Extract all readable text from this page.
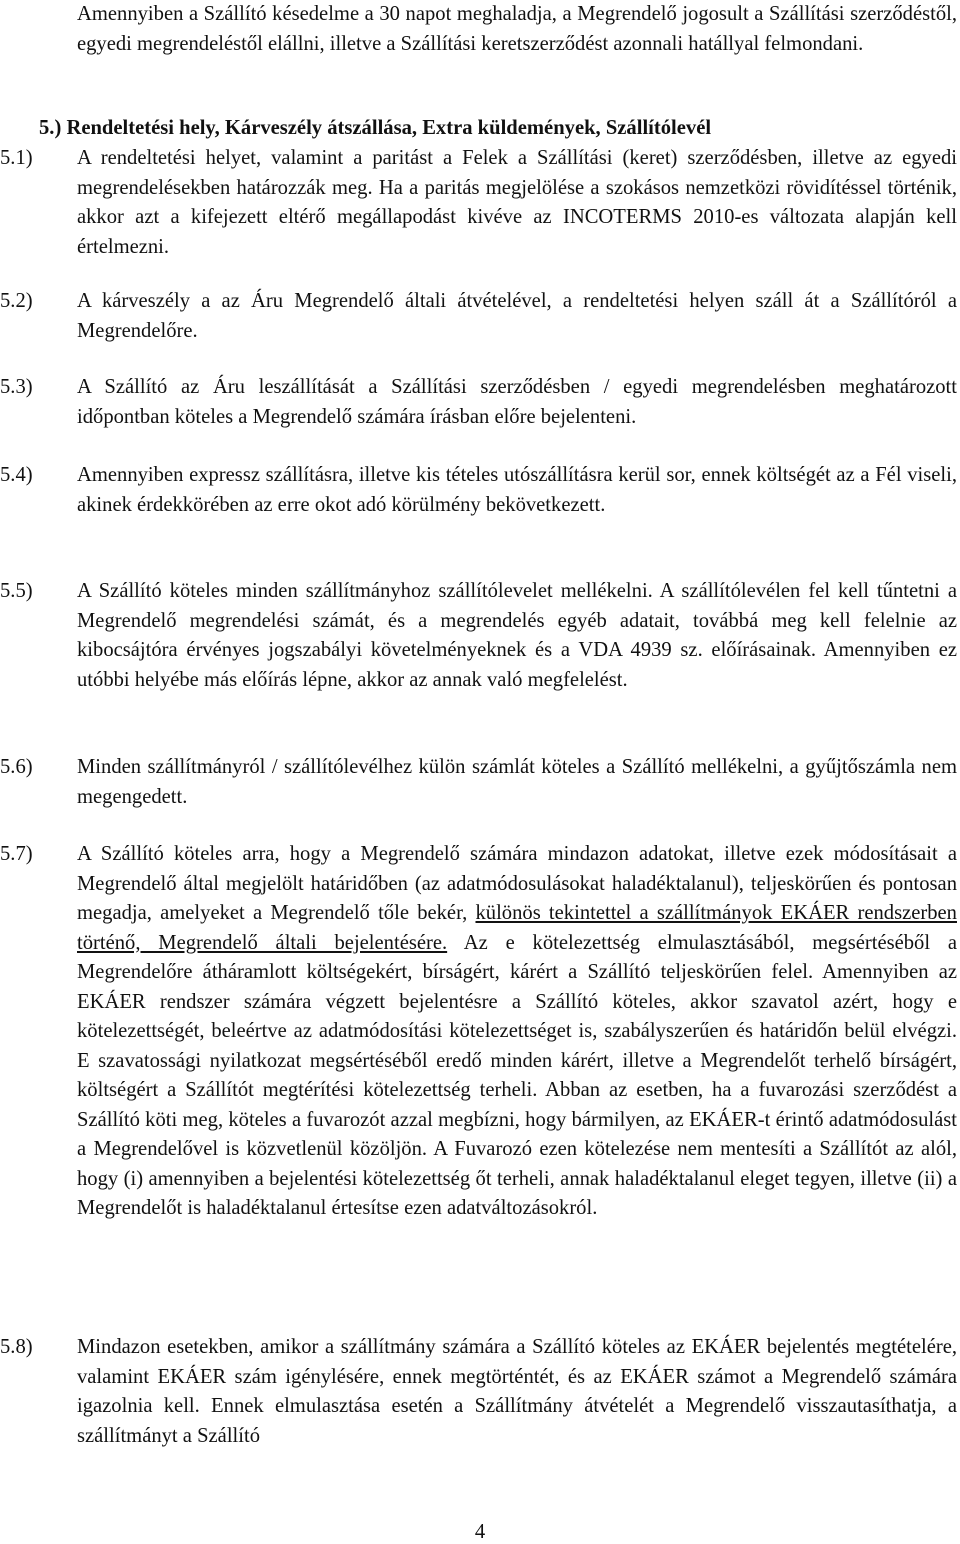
Amennyiben a Szállító késedelme a 30 napot meghaladja, a Megrendelő jogosult a Szállítási szerződéstől, egyedi megrendeléstől elállni, illetve a Szállítási keretszerződést azonnali hatállyal felmondani.

5.) Rendeltetési hely, Kárveszély átszállása, Extra küldemények, Szállítólevél

5.1)	A rendeltetési helyet, valamint a paritást a Felek a Szállítási (keret) szerződésben, illetve az egyedi megrendelésekben határozzák meg. Ha a paritás megjelölése a szokásos nemzetközi rövidítéssel történik, akkor azt a kifejezett eltérő megállapodást kivéve az INCOTERMS 2010-es változata alapján kell értelmezni.

5.2)	A kárveszély a az Áru Megrendelő általi átvételével, a rendeltetési helyen száll át a Szállítóról a Megrendelőre.

5.3)	A Szállító az Áru leszállítását a Szállítási szerződésben / egyedi megrendelésben meghatározott időpontban köteles a Megrendelő számára írásban előre bejelenteni.

5.4)	Amennyiben expressz szállításra, illetve kis tételes utószállításra kerül sor, ennek költségét az a Fél viseli, akinek érdekkörében az erre okot adó körülmény bekövetkezett.

5.5)	A Szállító köteles minden szállítmányhoz szállítólevelet mellékelni. A szállítólevélen fel kell tűntetni a Megrendelő megrendelési számát, és a megrendelés egyéb adatait, továbbá meg kell felelnie az kibocsájtóra érvényes jogszabályi követelményeknek és a VDA 4939 sz. előírásainak. Amennyiben ez utóbbi helyébe más előírás lépne, akkor az annak való megfelelést.

5.6)	Minden szállítmányról / szállítólevélhez külön számlát köteles a Szállító mellékelni, a gyűjtőszámla nem megengedett.

5.7)	A Szállító köteles arra, hogy a Megrendelő számára mindazon adatokat, illetve ezek módosításait a Megrendelő által megjelölt határidőben (az adatmódosulásokat haladéktalanul), teljeskörűen és pontosan megadja, amelyeket a Megrendelő tőle bekér, különös tekintettel a szállítmányok EKÁER rendszerben történő, Megrendelő általi bejelentésére. Az e kötelezettség elmulasztásából, megsértéséből a Megrendelőre átháramlott költségekért, bírságért, kárért a Szállító teljeskörűen felel. Amennyiben az EKÁER rendszer számára végzett bejelentésre a Szállító köteles, akkor szavatol azért, hogy e kötelezettségét, beleértve az adatmódosítási kötelezettséget is, szabályszerűen és határidőn belül elvégzi. E szavatossági nyilatkozat megsértéséből eredő minden kárért, illetve a Megrendelőt terhelő bírságért, költségért a Szállítót megtérítési kötelezettség terheli. Abban az esetben, ha a fuvarozási szerződést a Szállító köti meg, köteles a fuvarozót azzal megbízni, hogy bármilyen, az EKÁER-t érintő adatmódosulást a Megrendelővel is közvetlenül közöljön. A Fuvarozó ezen kötelezése nem mentesíti a Szállítót az alól, hogy (i) amennyiben a bejelentési kötelezettség őt terheli, annak haladéktalanul eleget tegyen, illetve (ii) a Megrendelőt is haladéktalanul értesítse ezen adatváltozásokról.

5.8)	Mindazon esetekben, amikor a szállítmány számára a Szállító köteles az EKÁER bejelentés megtételére, valamint EKÁER szám igénylésére, ennek megtörténtét, és az EKÁER számot a Megrendelő számára igazolnia kell. Ennek elmulasztása esetén a Szállítmány átvételét a Megrendelő visszautasíthatja, a szállítmányt a Szállító

4
